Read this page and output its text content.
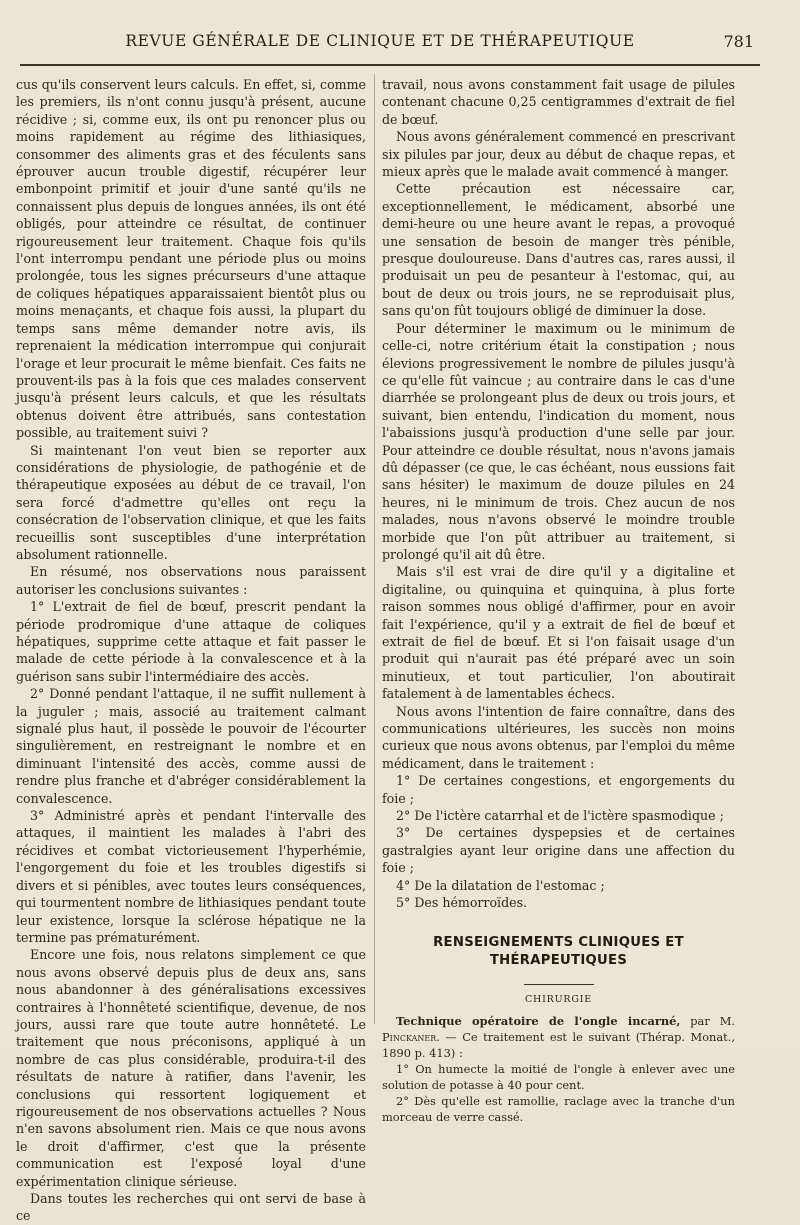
REVUE GÉNÉRALE DE CLINIQUE ET DE THÉRAPEUTIQUE	781

cus qu'ils conservent leurs calculs. En effet, si, comme les premiers, ils n'ont connu jusqu'à présent, aucune récidive ; si, comme eux, ils ont pu renoncer plus ou moins rapidement au régime des lithiasiques, consommer des aliments gras et des féculents sans éprouver aucun trouble digestif, récupérer leur embonpoint primitif et jouir d'une santé qu'ils ne connaissent plus depuis de longues années, ils ont été obligés, pour atteindre ce résultat, de continuer rigoureusement leur traitement. Chaque fois qu'ils l'ont interrompu pendant une période plus ou moins prolongée, tous les signes précurseurs d'une attaque de coliques hépatiques apparaissaient bientôt plus ou moins menaçants, et chaque fois aussi, la plupart du temps sans même demander notre avis, ils reprenaient la médication interrompue qui conjurait l'orage et leur procurait le même bienfait. Ces faits ne prouvent-ils pas à la fois que ces malades conservent jusqu'à présent leurs calculs, et que les résultats obtenus doivent être attribués, sans contestation possible, au traitement suivi ?

Si maintenant l'on veut bien se reporter aux considérations de physiologie, de pathogénie et de thérapeutique exposées au début de ce travail, l'on sera forcé d'admettre qu'elles ont reçu la consécration de l'observation clinique, et que les faits recueillis sont susceptibles d'une interprétation absolument rationnelle.

En résumé, nos observations nous paraissent autoriser les conclusions suivantes :

1° L'extrait de fiel de bœuf, prescrit pendant la période prodromique d'une attaque de coliques hépatiques, supprime cette attaque et fait passer le malade de cette période à la convalescence et à la guérison sans subir l'intermédiaire des accès.

2° Donné pendant l'attaque, il ne suffit nullement à la juguler ; mais, associé au traitement calmant signalé plus haut, il possède le pouvoir de l'écourter singulièrement, en restreignant le nombre et en diminuant l'intensité des accès, comme aussi de rendre plus franche et d'abréger considérablement la convalescence.

3° Administré après et pendant l'intervalle des attaques, il maintient les malades à l'abri des récidives et combat victorieusement l'hyperhémie, l'engorgement du foie et les troubles digestifs si divers et si pénibles, avec toutes leurs conséquences, qui tourmentent nombre de lithiasiques pendant toute leur existence, lorsque la sclérose hépatique ne la termine pas prématurément.

Encore une fois, nous relatons simplement ce que nous avons observé depuis plus de deux ans, sans nous abandonner à des généralisations excessives contraires à l'honnêteté scientifique, devenue, de nos jours, aussi rare que toute autre honnêteté. Le traitement que nous préconisons, appliqué à un nombre de cas plus considérable, produira-t-il des résultats de nature à ratifier, dans l'avenir, les conclusions qui ressortent logiquement et rigoureusement de nos observations actuelles ? Nous n'en savons absolument rien. Mais ce que nous avons le droit d'affirmer, c'est que la présente communication est l'exposé loyal d'une expérimentation clinique sérieuse.

Dans toutes les recherches qui ont servi de base à ce

travail, nous avons constamment fait usage de pilules contenant chacune 0,25 centigrammes d'extrait de fiel de bœuf.

Nous avons généralement commencé en prescrivant six pilules par jour, deux au début de chaque repas, et mieux après que le malade avait commencé à manger.

Cette précaution est nécessaire car, exceptionnellement, le médicament, absorbé une demi-heure ou une heure avant le repas, a provoqué une sensation de besoin de manger très pénible, presque douloureuse. Dans d'autres cas, rares aussi, il produisait un peu de pesanteur à l'estomac, qui, au bout de deux ou trois jours, ne se reproduisait plus, sans qu'on fût toujours obligé de diminuer la dose.

Pour déterminer le maximum ou le minimum de celle-ci, notre critérium était la constipation ; nous élevions progressivement le nombre de pilules jusqu'à ce qu'elle fût vaincue ; au contraire dans le cas d'une diarrhée se prolongeant plus de deux ou trois jours, et suivant, bien entendu, l'indication du moment, nous l'abaissions jusqu'à production d'une selle par jour. Pour atteindre ce double résultat, nous n'avons jamais dû dépasser (ce que, le cas échéant, nous eussions fait sans hésiter) le maximum de douze pilules en 24 heures, ni le minimum de trois. Chez aucun de nos malades, nous n'avons observé le moindre trouble morbide que l'on pût attribuer au traitement, si prolongé qu'il ait dû être.

Mais s'il est vrai de dire qu'il y a digitaline et digitaline, ou quinquina et quinquina, à plus forte raison sommes nous obligé d'affirmer, pour en avoir fait l'expérience, qu'il y a extrait de fiel de bœuf et extrait de fiel de bœuf. Et si l'on faisait usage d'un produit qui n'aurait pas été préparé avec un soin minutieux, et tout particulier, l'on aboutirait fatalement à de lamentables échecs.

Nous avons l'intention de faire connaître, dans des communications ultérieures, les succès non moins curieux que nous avons obtenus, par l'emploi du même médicament, dans le traitement :

1° De certaines congestions, et engorgements du foie ;

2° De l'ictère catarrhal et de l'ictère spasmodique ;

3° De certaines dyspepsies et de certaines gastralgies ayant leur origine dans une affection du foie ;

4° De la dilatation de l'estomac ;

5° Des hémorroïdes.

RENSEIGNEMENTS CLINIQUES ET THÉRAPEUTIQUES
CHIRURGIE

Technique opératoire de l'ongle incarné, par M. Pinckaner. — Ce traitement est le suivant (Thérap. Monat., 1890 p. 413) :

1° On humecte la moitié de l'ongle à enlever avec une solution de potasse à 40 pour cent.

2° Dès qu'elle est ramollie, raclage avec la tranche d'un morceau de verre cassé.
